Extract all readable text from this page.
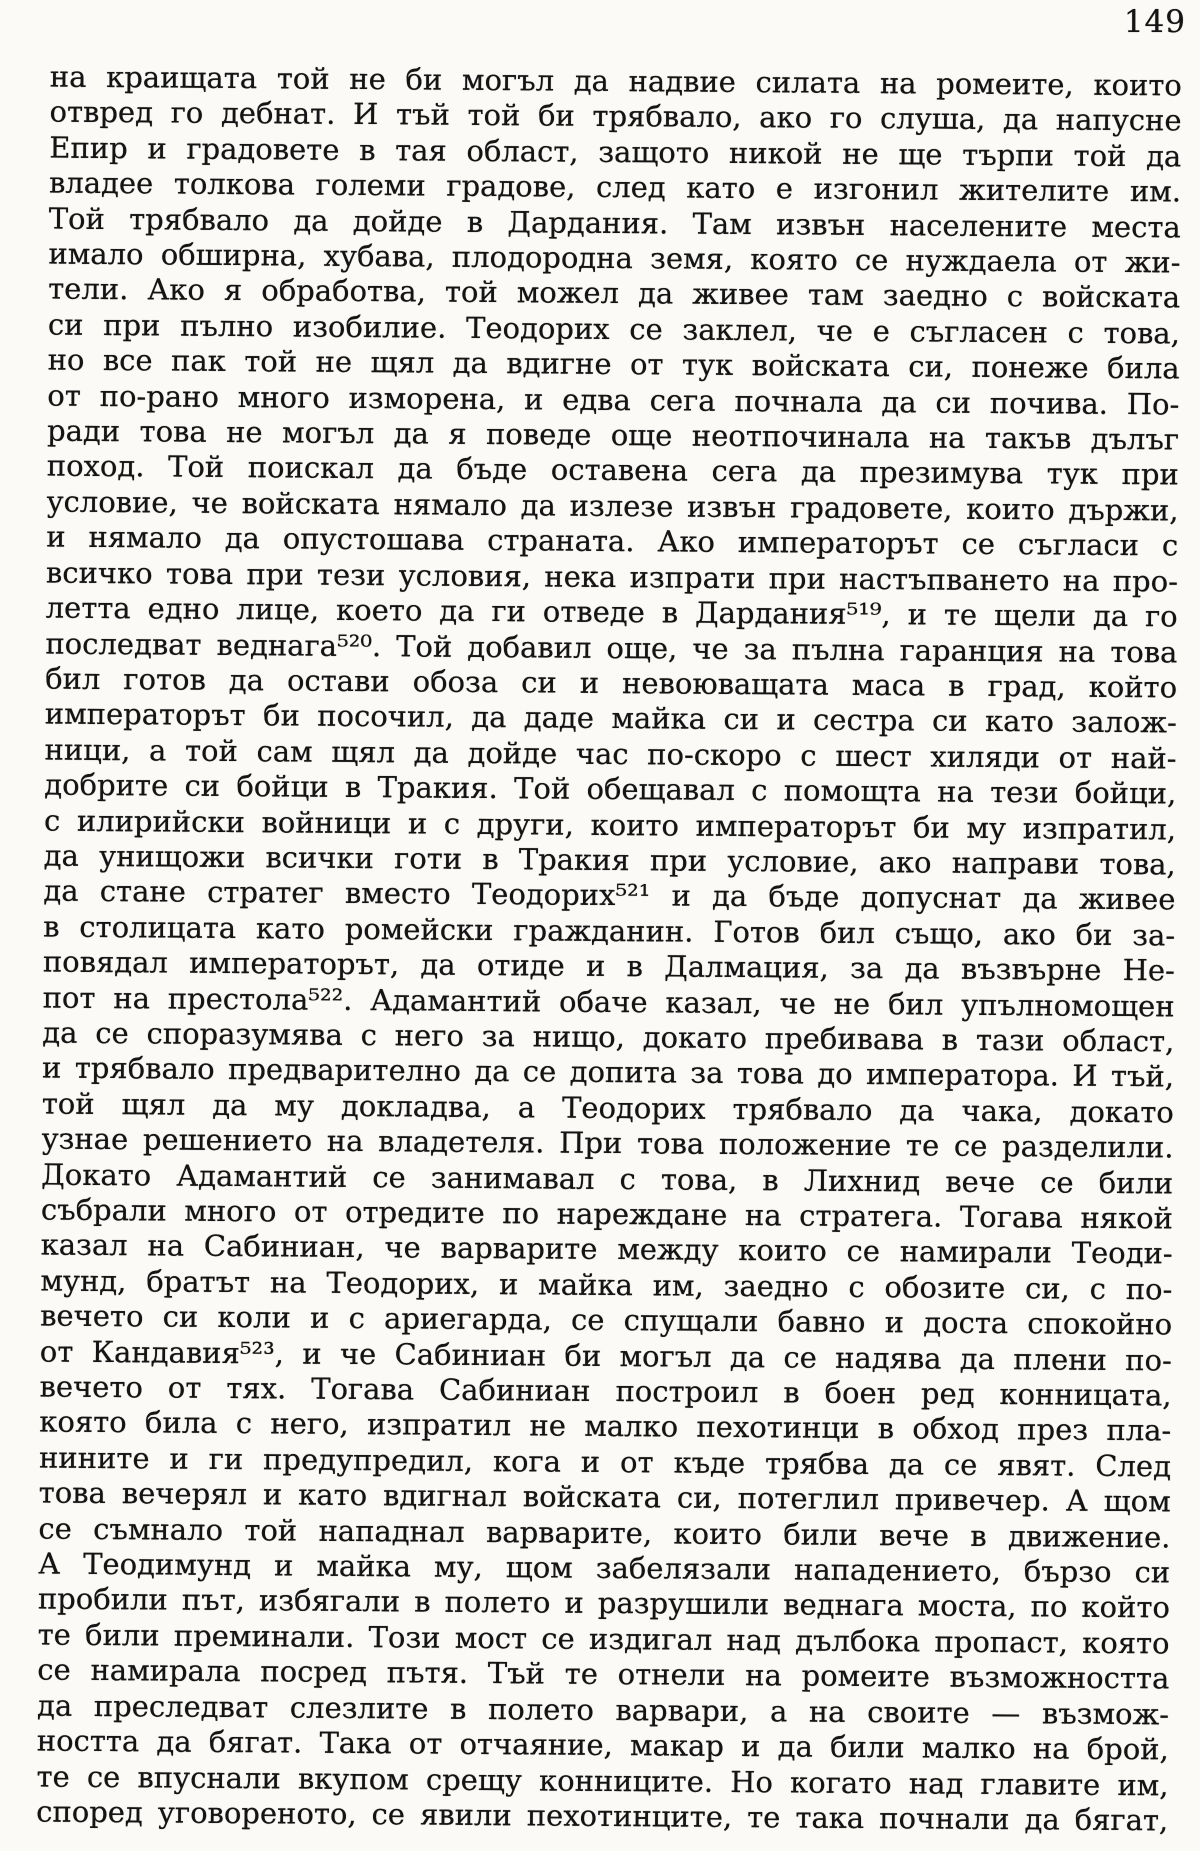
149
на краищата той не би могъл да надвие силата на ромеите, които
отвред го дебнат. И тъй той би трябвало, ако го слуша, да напусне
Епир и градовете в тая област, защото никой не ще търпи той да
владее толкова големи градове, след като е изгонил жителите им.
Той трябвало да дойде в Дардания. Там извън населените места
имало обширна, хубава, плодородна земя, която се нуждаела от жи-
тели. Ако я обработва, той можел да живее там заедно с войската
си при пълно изобилие. Теодорих се заклел, че е съгласен с това,
но все пак той не щял да вдигне от тук войската си, понеже била
от по-рано много изморена, и едва сега почнала да си почива. По-
ради това не могъл да я поведе още неотпочинала на такъв дълъг
поход. Той поискал да бъде оставена сега да презимува тук при
условие, че войската нямало да излезе извън градовете, които държи,
и нямало да опустошава страната. Ако императорът се съгласи с
всичко това при тези условия, нека изпрати при настъпването на про-
летта едно лице, което да ги отведе в Дардания⁵¹⁹, и те щели да го
последват веднага⁵²⁰. Той добавил още, че за пълна гаранция на това
бил готов да остави обоза си и невоюващата маса в град, който
императорът би посочил, да даде майка си и сестра си като залож-
ници, а той сам щял да дойде час по-скоро с шест хиляди от най-
добрите си бойци в Тракия. Той обещавал с помощта на тези бойци,
с илирийски войници и с други, които императорът би му изпратил,
да унищожи всички готи в Тракия при условие, ако направи това,
да стане стратег вместо Теодорих⁵²¹ и да бъде допуснат да живее
в столицата като ромейски гражданин. Готов бил също, ако би за-
повядал императорът, да отиде и в Далмация, за да възвърне Не-
пот на престола⁵²². Адамантий обаче казал, че не бил упълномощен
да се споразумява с него за нищо, докато пребивава в тази област,
и трябвало предварително да се допита за това до императора. И тъй,
той щял да му докладва, а Теодорих трябвало да чака, докато
узнае решението на владетеля. При това положение те се разделили.
Докато Адамантий се занимавал с това, в Лихнид вече се били
събрали много от отредите по нареждане на стратега. Тогава някой
казал на Сабиниан, че варварите между които се намирали Теоди-
мунд, братът на Теодорих, и майка им, заедно с обозите си, с по-
вечето си коли и с ариегарда, се спущали бавно и доста спокойно
от Кандавия⁵²³, и че Сабиниан би могъл да се надява да плени по-
вечето от тях. Тогава Сабиниан построил в боен ред конницата,
която била с него, изпратил не малко пехотинци в обход през пла-
нините и ги предупредил, кога и от къде трябва да се явят. След
това вечерял и като вдигнал войската си, потеглил привечер. А щом
се съмнало той нападнал варварите, които били вече в движение.
А Теодимунд и майка му, щом забелязали нападението, бързо си
пробили път, избягали в полето и разрушили веднага моста, по който
те били преминали. Този мост се издигал над дълбока пропаст, която
се намирала посред пътя. Тъй те отнели на ромеите възможността
да преследват слезлите в полето варвари, а на своите — възмож-
ността да бягат. Така от отчаяние, макар и да били малко на брой,
те се впуснали вкупом срещу конниците. Но когато над главите им,
според уговореното, се явили пехотинците, те така почнали да бягат,
